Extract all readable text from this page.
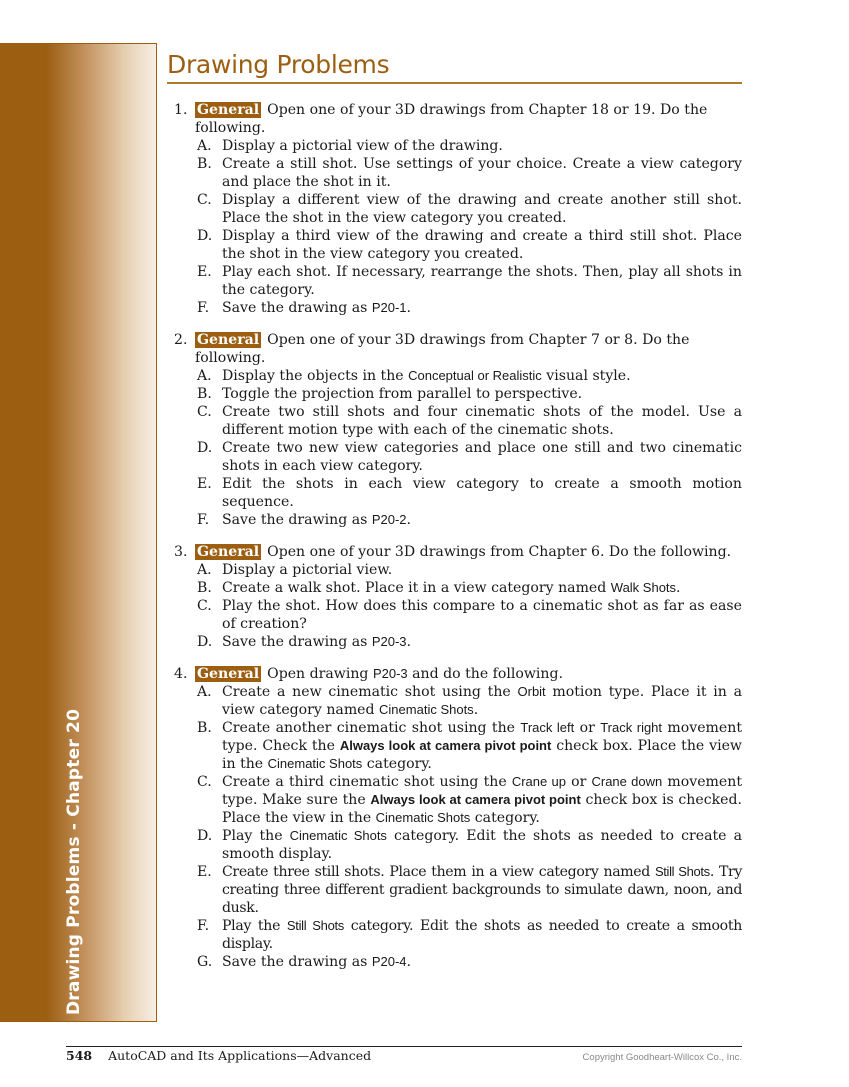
Drawing Problems - Chapter 20
Drawing Problems
1. General Open one of your 3D drawings from Chapter 18 or 19. Do the following.
A. Display a pictorial view of the drawing.
B. Create a still shot. Use settings of your choice. Create a view category and place the shot in it.
C. Display a different view of the drawing and create another still shot. Place the shot in the view category you created.
D. Display a third view of the drawing and create a third still shot. Place the shot in the view category you created.
E. Play each shot. If necessary, rearrange the shots. Then, play all shots in the category.
F. Save the drawing as P20-1.
2. General Open one of your 3D drawings from Chapter 7 or 8. Do the following.
A. Display the objects in the Conceptual or Realistic visual style.
B. Toggle the projection from parallel to perspective.
C. Create two still shots and four cinematic shots of the model. Use a different motion type with each of the cinematic shots.
D. Create two new view categories and place one still and two cinematic shots in each view category.
E. Edit the shots in each view category to create a smooth motion sequence.
F. Save the drawing as P20-2.
3. General Open one of your 3D drawings from Chapter 6. Do the following.
A. Display a pictorial view.
B. Create a walk shot. Place it in a view category named Walk Shots.
C. Play the shot. How does this compare to a cinematic shot as far as ease of creation?
D. Save the drawing as P20-3.
4. General Open drawing P20-3 and do the following.
A. Create a new cinematic shot using the Orbit motion type. Place it in a view category named Cinematic Shots.
B. Create another cinematic shot using the Track left or Track right movement type. Check the Always look at camera pivot point check box. Place the view in the Cinematic Shots category.
C. Create a third cinematic shot using the Crane up or Crane down movement type. Make sure the Always look at camera pivot point check box is checked. Place the view in the Cinematic Shots category.
D. Play the Cinematic Shots category. Edit the shots as needed to create a smooth display.
E. Create three still shots. Place them in a view category named Still Shots. Try creating three different gradient backgrounds to simulate dawn, noon, and dusk.
F. Play the Still Shots category. Edit the shots as needed to create a smooth display.
G. Save the drawing as P20-4.
548 AutoCAD and Its Applications—Advanced	Copyright Goodheart-Willcox Co., Inc.
